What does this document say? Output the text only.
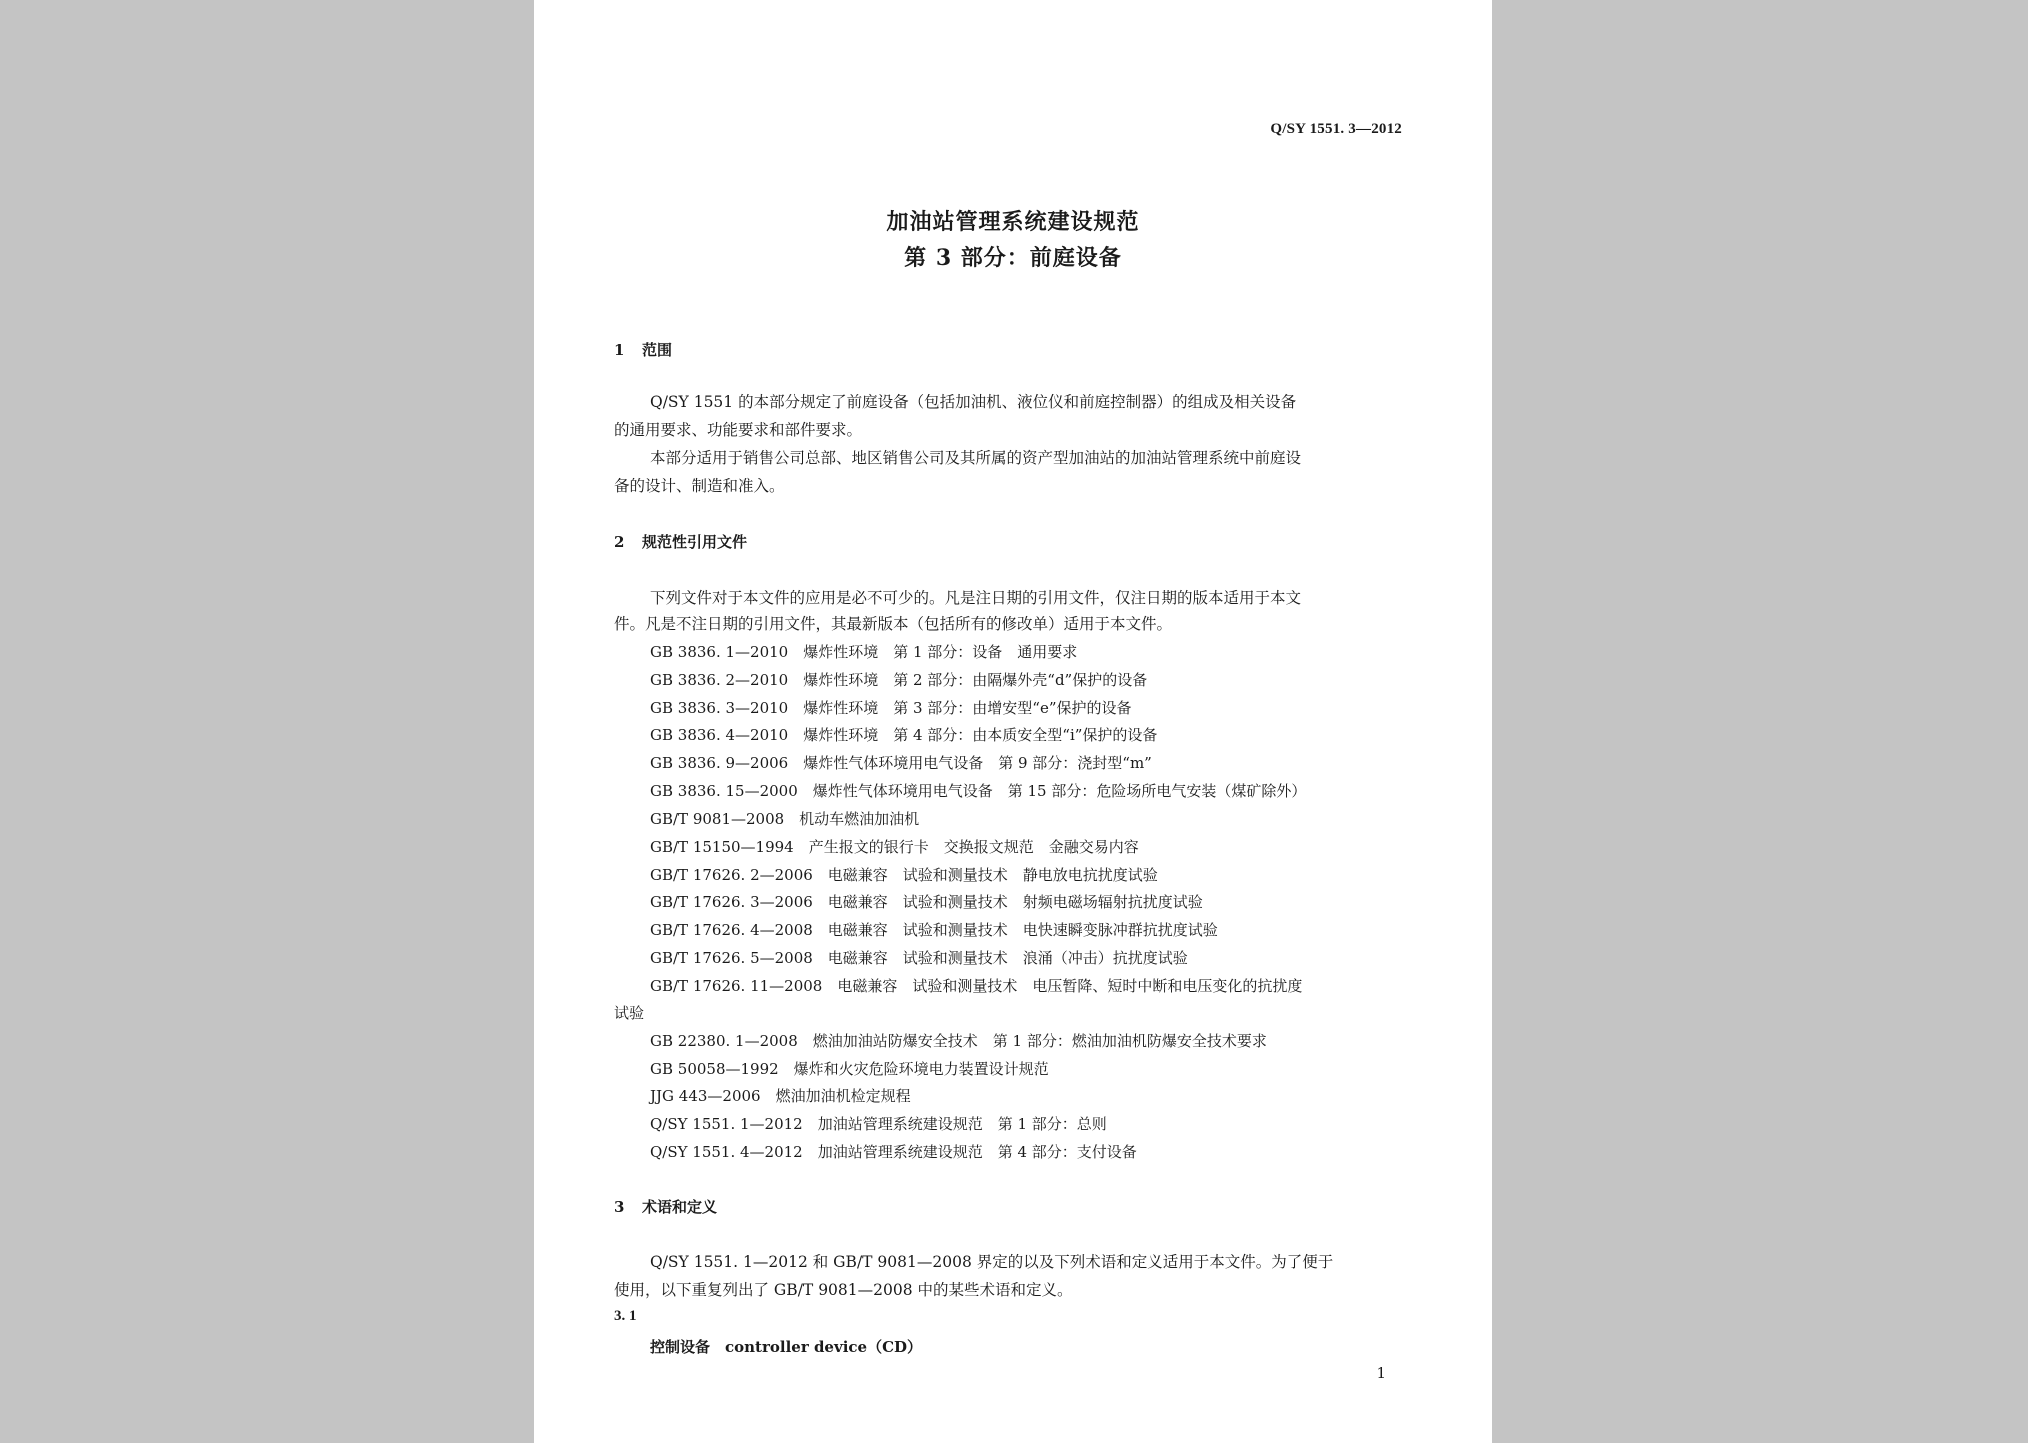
Q/SY 1551. 3—2012
加油站管理系统建设规范
第 3 部分：前庭设备
1 范围
Q/SY 1551 的本部分规定了前庭设备（包括加油机、液位仪和前庭控制器）的组成及相关设备
的通用要求、功能要求和部件要求。
本部分适用于销售公司总部、地区销售公司及其所属的资产型加油站的加油站管理系统中前庭设
备的设计、制造和准入。
2 规范性引用文件
下列文件对于本文件的应用是必不可少的。凡是注日期的引用文件，仅注日期的版本适用于本文
件。凡是不注日期的引用文件，其最新版本（包括所有的修改单）适用于本文件。
GB 3836. 1—2010　爆炸性环境　第 1 部分：设备　通用要求
GB 3836. 2—2010　爆炸性环境　第 2 部分：由隔爆外壳“d”保护的设备
GB 3836. 3—2010　爆炸性环境　第 3 部分：由增安型“e”保护的设备
GB 3836. 4—2010　爆炸性环境　第 4 部分：由本质安全型“i”保护的设备
GB 3836. 9—2006　爆炸性气体环境用电气设备　第 9 部分：浇封型“m”
GB 3836. 15—2000　爆炸性气体环境用电气设备　第 15 部分：危险场所电气安装（煤矿除外）
GB/T 9081—2008　机动车燃油加油机
GB/T 15150—1994　产生报文的银行卡　交换报文规范　金融交易内容
GB/T 17626. 2—2006　电磁兼容　试验和测量技术　静电放电抗扰度试验
GB/T 17626. 3—2006　电磁兼容　试验和测量技术　射频电磁场辐射抗扰度试验
GB/T 17626. 4—2008　电磁兼容　试验和测量技术　电快速瞬变脉冲群抗扰度试验
GB/T 17626. 5—2008　电磁兼容　试验和测量技术　浪涌（冲击）抗扰度试验
GB/T 17626. 11—2008　电磁兼容　试验和测量技术　电压暂降、短时中断和电压变化的抗扰度
试验
GB 22380. 1—2008　燃油加油站防爆安全技术　第 1 部分：燃油加油机防爆安全技术要求
GB 50058—1992　爆炸和火灾危险环境电力装置设计规范
JJG 443—2006　燃油加油机检定规程
Q/SY 1551. 1—2012　加油站管理系统建设规范　第 1 部分：总则
Q/SY 1551. 4—2012　加油站管理系统建设规范　第 4 部分：支付设备
3 术语和定义
Q/SY 1551. 1—2012 和 GB/T 9081—2008 界定的以及下列术语和定义适用于本文件。为了便于
使用，以下重复列出了 GB/T 9081—2008 中的某些术语和定义。
3. 1
控制设备　controller device（CD）
1
